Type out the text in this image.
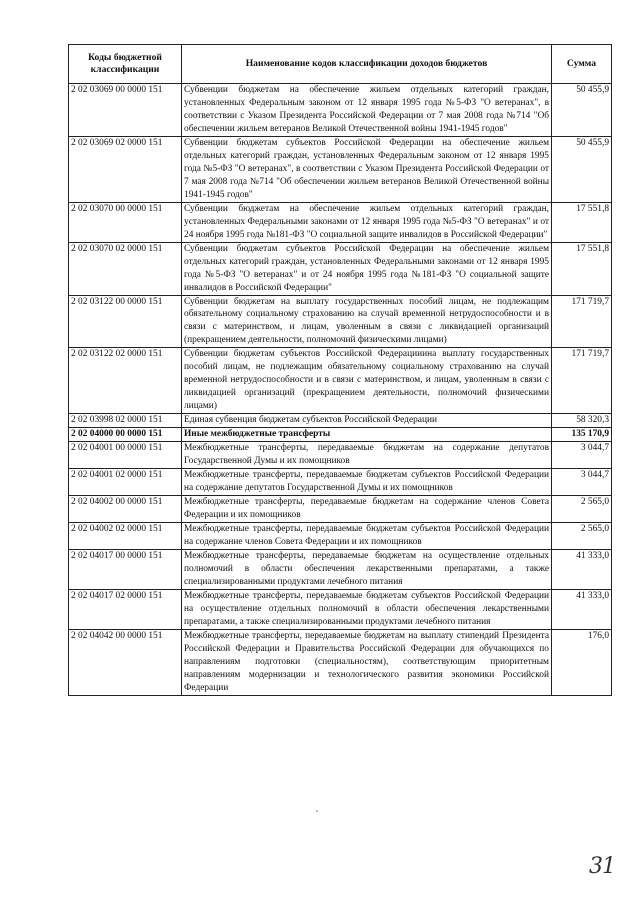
Коды бюджетной классификации	Наименование кодов классификации доходов бюджетов	Сумма
2 02 03069 00 0000 151	Субвенции бюджетам на обеспечение жильем отдельных категорий граждан, установленных Федеральным законом от 12 января 1995 года №5-ФЗ "О ветеранах", в соответствии с Указом Президента Российской Федерации от 7 мая 2008 года №714 "Об обеспечении жильем ветеранов Великой Отечественной войны 1941-1945 годов"	50 455,9
2 02 03069 02 0000 151	Субвенции бюджетам субъектов Российской Федерации на обеспечение жильем отдельных категорий граждан, установленных Федеральным законом от 12 января 1995 года №5-ФЗ "О ветеранах", в соответствии с Указом Президента Российской Федерации от 7 мая 2008 года №714 "Об обеспечении жильем ветеранов Великой Отечественной войны 1941-1945 годов"	50 455,9
2 02 03070 00 0000 151	Субвенции бюджетам на обеспечение жильем отдельных категорий граждан, установленных Федеральными законами от 12 января 1995 года №5-ФЗ "О ветеранах" и от 24 ноября 1995 года №181-ФЗ "О социальной защите инвалидов в Российской Федерации"	17 551,8
2 02 03070 02 0000 151	Субвенции бюджетам субъектов Российской Федерации на обеспечение жильем отдельных категорий граждан, установленных Федеральными законами от 12 января 1995 года №5-ФЗ "О ветеранах" и от 24 ноября 1995 года №181-ФЗ "О социальной защите инвалидов в Российской Федерации"	17 551,8
2 02 03122 00 0000 151	Субвенции бюджетам на выплату государственных пособий лицам, не подлежащим обязательному социальному страхованию на случай временной нетрудоспособности и в связи с материнством, и лицам, уволенным в связи с ликвидацией организаций (прекращением деятельности, полномочий физическими лицами)	171 719,7
2 02 03122 02 0000 151	Субвенции бюджетам субъектов Российской Федерацииина выплату государственных пособий лицам, не подлежащим обязательному социальному страхованию на случай временной нетрудоспособности и в связи с материнством, и лицам, уволенным в связи с ликвидацией организаций (прекращением деятельности, полномочий физическими лицами)	171 719,7
2 02 03998 02 0000 151	Единая субвенция бюджетам субъектов Российской Федерации	58 320,3
2 02 04000 00 0000 151	Иные межбюджетные трансферты	135 170,9
2 02 04001 00 0000 151	Межбюджетные трансферты, передаваемые бюджетам на содержание депутатов Государственной Думы и их помощников	3 044,7
2 02 04001 02 0000 151	Межбюджетные трансферты, передаваемые бюджетам субъектов Российской Федерации на содержание депутатов Государственной Думы и их помощников	3 044,7
2 02 04002 00 0000 151	Межбюджетные трансферты, передаваемые бюджетам на содержание членов Совета Федерации и их помощников	2 565,0
2 02 04002 02 0000 151	Межбюджетные трансферты, передаваемые бюджетам субъектов Российской Федерации на содержание членов Совета Федерации и их помощников	2 565,0
2 02 04017 00 0000 151	Межбюджетные трансферты, передаваемые бюджетам на осуществление отдельных полномочий в области обеспечения лекарственными препаратами, а также специализированными продуктами лечебного питания	41 333,0
2 02 04017 02 0000 151	Межбюджетные трансферты, передаваемые бюджетам субъектов Российской Федерации на осуществление отдельных полномочий в области обеспечения лекарственными препаратами, а также специализированными продуктами лечебного питания	41 333,0
2 02 04042 00 0000 151	Межбюджетные трансферты, передаваемые бюджетам на выплату стипендий Президента Российской Федерации и Правительства Российской Федерации для обучающихся по направлениям подготовки (специальностям), соответствующим приоритетным направлениям модернизации и технологического развития экономики Российской Федерации	176,0
31
